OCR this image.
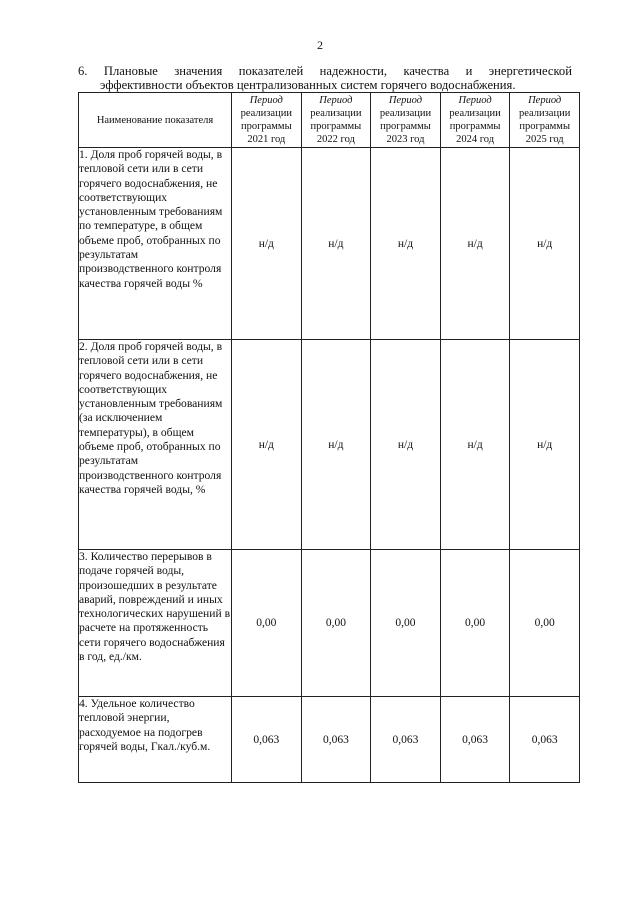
2
6. Плановые значения показателей надежности, качества и энергетической
эффективности объектов централизованных систем горячего водоснабжения.
Наименование показателя	Период
реализации
программы
2021 год	Период
реализации
программы
2022 год	Период
реализации
программы
2023 год	Период
реализации
программы
2024 год	Период
реализации
программы
2025 год

1. Доля проб горячей воды, в тепловой сети или в сети горячего водоснабжения, не соответствующих установленным требованиям по температуре, в общем объеме проб, отобранных по результатам производственного контроля качества горячей воды %	н/д	н/д	н/д	н/д	н/д
2. Доля проб горячей воды, в тепловой сети или в сети горячего водоснабжения, не соответствующих установленным требованиям (за исключением температуры), в общем объеме проб, отобранных по результатам производственного контроля качества горячей воды, %	н/д	н/д	н/д	н/д	н/д
3. Количество перерывов в подаче горячей воды, произошедших в результате аварий, повреждений и иных технологических нарушений в расчете на протяженность сети горячего водоснабжения в год, ед./км.	0,00	0,00	0,00	0,00	0,00
4. Удельное количество тепловой энергии, расходуемое на подогрев горячей воды, Гкал./куб.м.	0,063	0,063	0,063	0,063	0,063
